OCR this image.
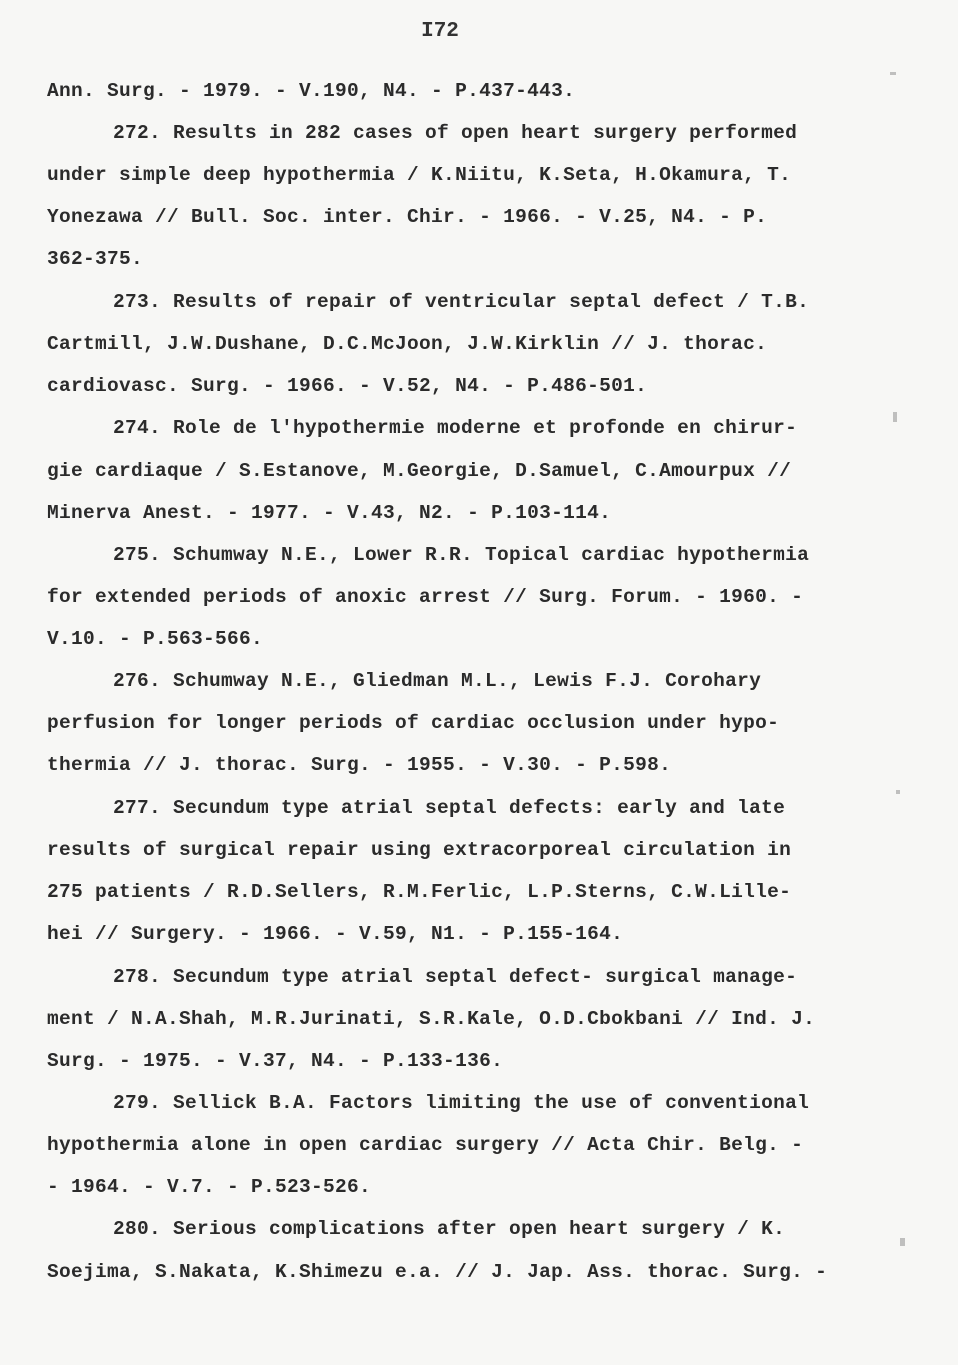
I72
Ann. Surg. - 1979. - V.190, N4. - P.437-443.
272. Results in 282 cases of open heart surgery performed
under simple deep hypothermia / K.Niitu, K.Seta, H.Okamura, T.
Yonezawa // Bull. Soc. inter. Chir. - 1966. - V.25, N4. - P.
362-375.
273. Results of repair of ventricular septal defect / T.B.
Cartmill, J.W.Dushane, D.C.McJoon, J.W.Kirklin // J. thorac.
cardiovasc. Surg. - 1966. - V.52, N4. - P.486-501.
274. Role de l'hypothermie moderne et profonde en chirur-
gie cardiaque / S.Estanove, M.Georgie, D.Samuel, C.Amourpux //
Minerva Anest. - 1977. - V.43, N2. - P.103-114.
275. Schumway N.E., Lower R.R. Topical cardiac hypothermia
for extended periods of anoxic arrest // Surg. Forum. - 1960. -
V.10. - P.563-566.
276. Schumway N.E., Gliedman M.L., Lewis F.J. Corohary
perfusion for longer periods of cardiac occlusion under hypo-
thermia // J. thorac. Surg. - 1955. - V.30. - P.598.
277. Secundum type atrial septal defects: early and late
results of surgical repair using extracorporeal circulation in
275 patients / R.D.Sellers, R.M.Ferlic, L.P.Sterns, C.W.Lille-
hei // Surgery. - 1966. - V.59, N1. - P.155-164.
278. Secundum type atrial septal defect- surgical manage-
ment / N.A.Shah, M.R.Jurinati, S.R.Kale, O.D.Cbokbani // Ind. J.
Surg. - 1975. - V.37, N4. - P.133-136.
279. Sellick B.A. Factors limiting the use of conventional
hypothermia alone in open cardiac surgery // Acta Chir. Belg. -
- 1964. - V.7. - P.523-526.
280. Serious complications after open heart surgery / K.
Soejima, S.Nakata, K.Shimezu e.a. // J. Jap. Ass. thorac. Surg. -
